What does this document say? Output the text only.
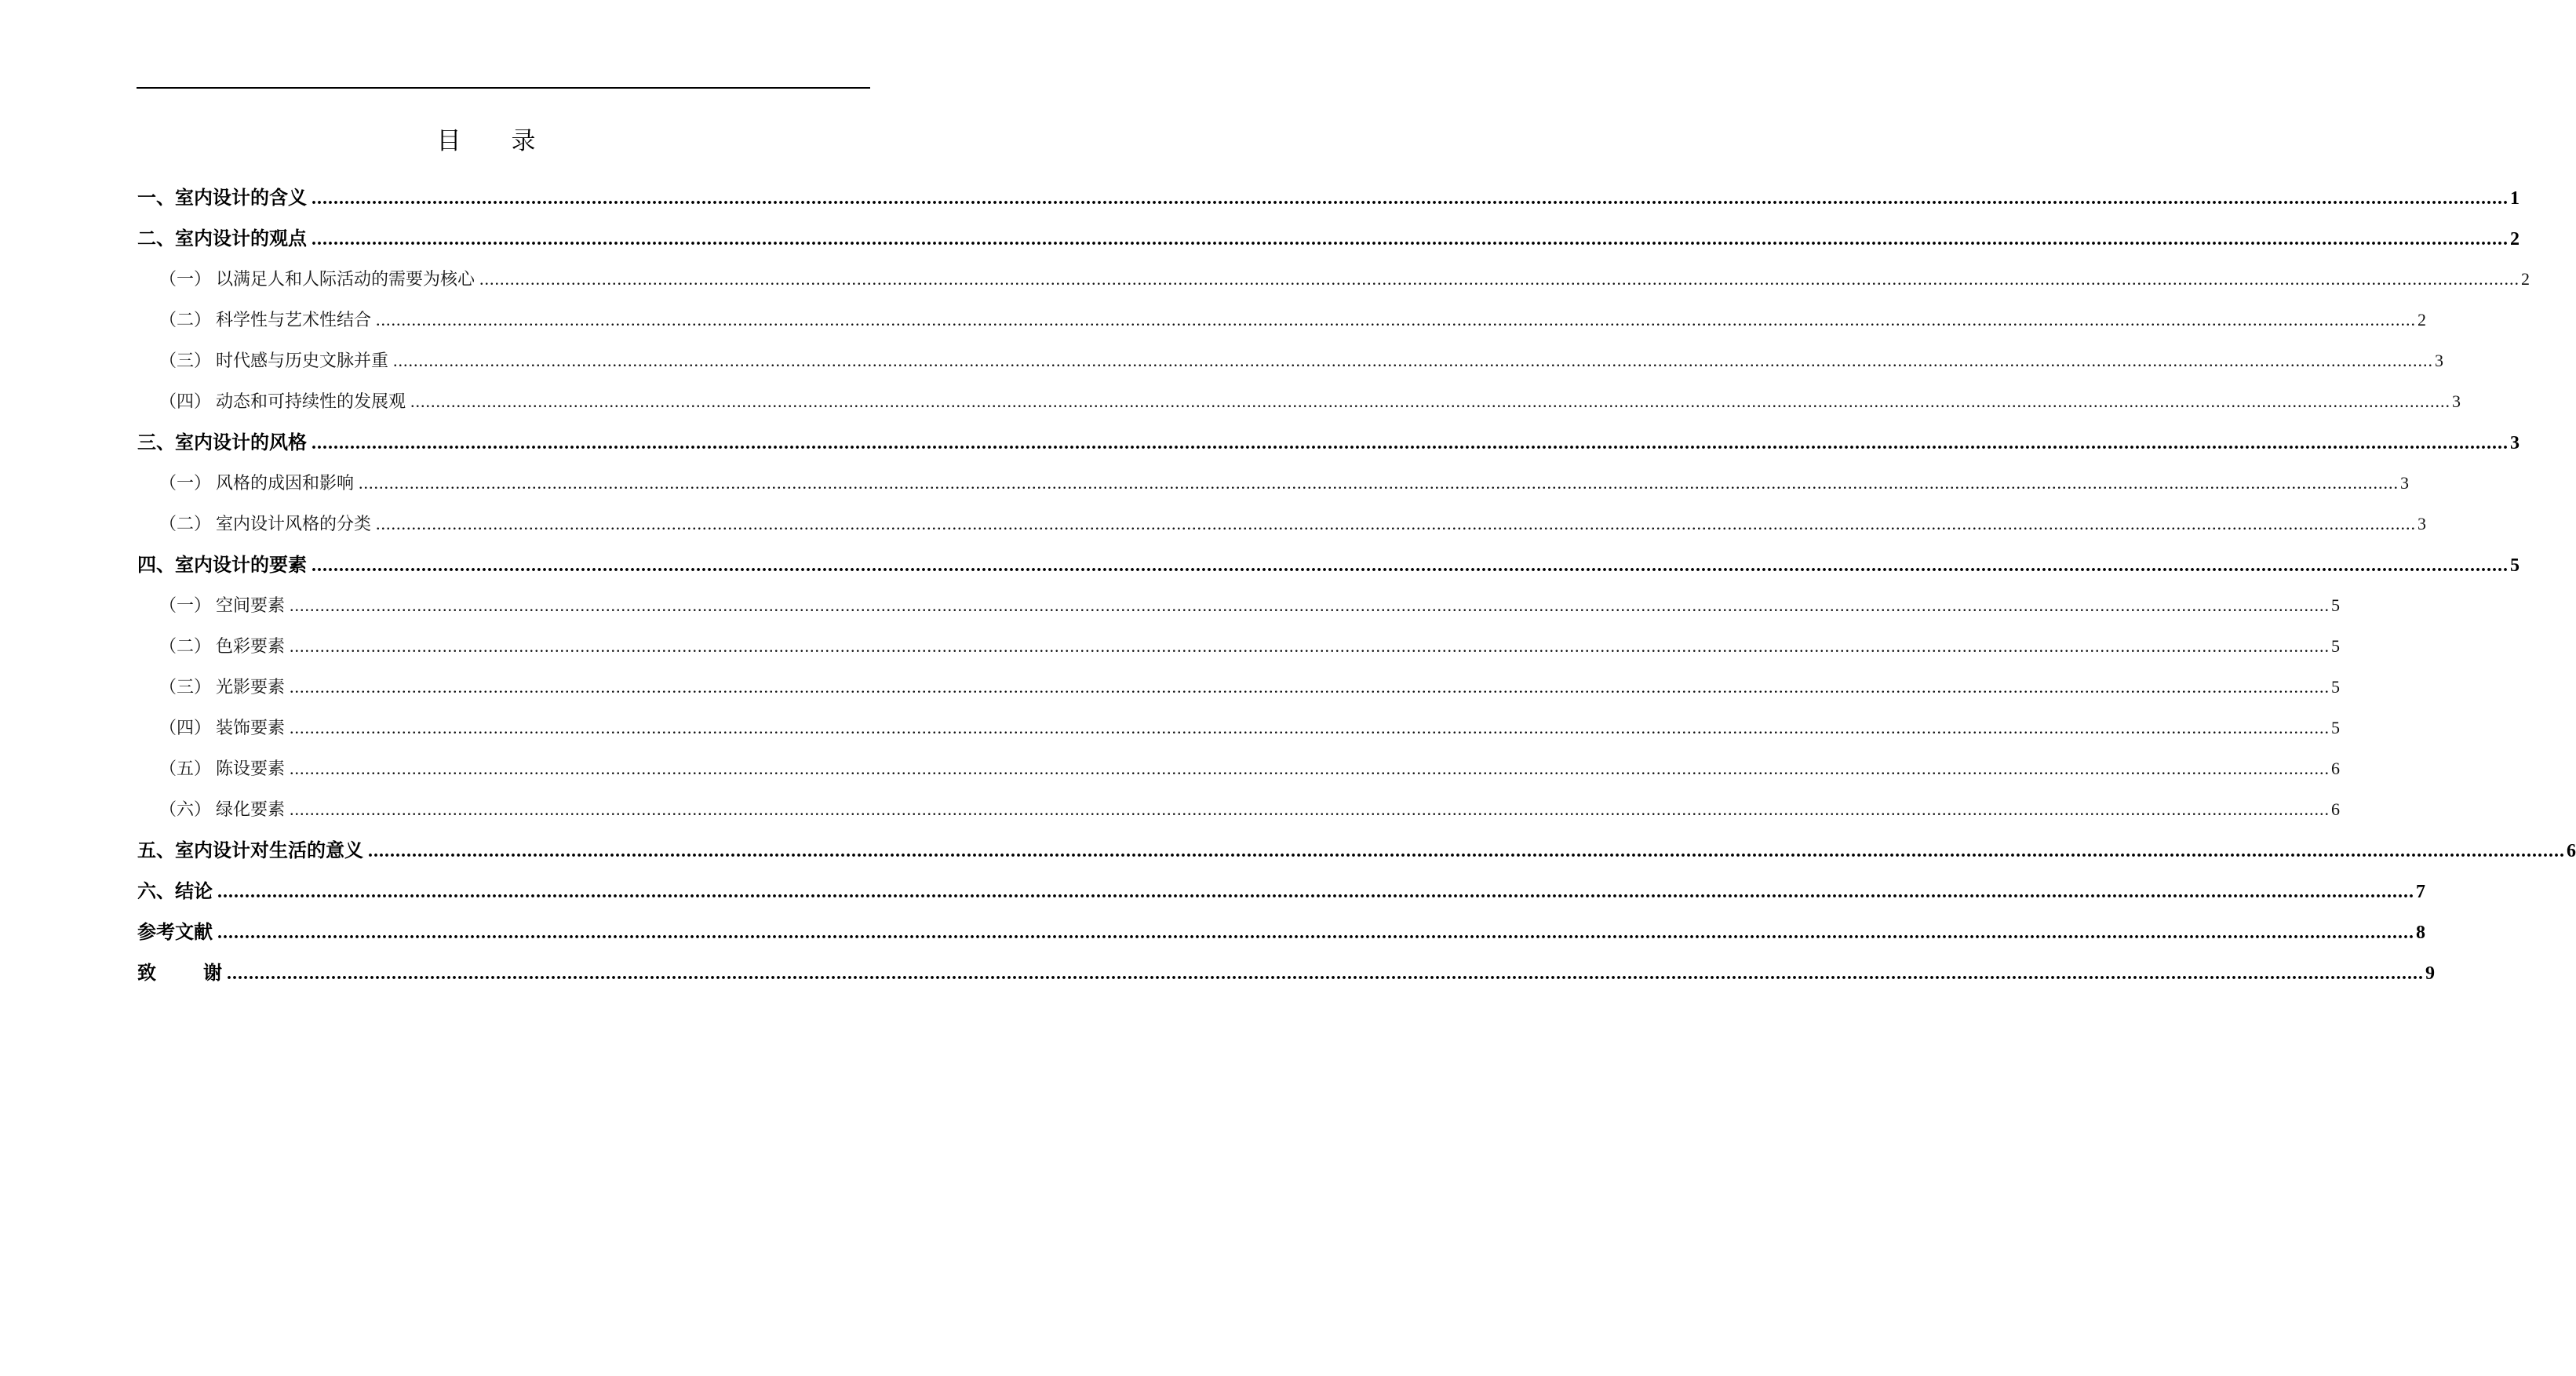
目 录
一、 室内设计的含义 ................................................................................................................................................................................................................................................................................................................................................................................................................ 1
二、 室内设计的观点 ................................................................................................................................................................................................................................................................................................................................................................................................................ 2
（一） 以满足人和人际活动的需要为核心 ................................................................................................................................................................................................................................................................................................................................................................................................................ 2
（二） 科学性与艺术性结合 ................................................................................................................................................................................................................................................................................................................................................................................................................ 2
（三） 时代感与历史文脉并重 ................................................................................................................................................................................................................................................................................................................................................................................................................ 3
（四） 动态和可持续性的发展观 ................................................................................................................................................................................................................................................................................................................................................................................................................ 3
三、 室内设计的风格 ................................................................................................................................................................................................................................................................................................................................................................................................................ 3
（一） 风格的成因和影响 ................................................................................................................................................................................................................................................................................................................................................................................................................ 3
（二） 室内设计风格的分类 ................................................................................................................................................................................................................................................................................................................................................................................................................ 3
四、 室内设计的要素 ................................................................................................................................................................................................................................................................................................................................................................................................................ 5
（一） 空间要素 ................................................................................................................................................................................................................................................................................................................................................................................................................ 5
（二） 色彩要素 ................................................................................................................................................................................................................................................................................................................................................................................................................ 5
（三） 光影要素 ................................................................................................................................................................................................................................................................................................................................................................................................................ 5
（四） 装饰要素 ................................................................................................................................................................................................................................................................................................................................................................................................................ 5
（五） 陈设要素 ................................................................................................................................................................................................................................................................................................................................................................................................................ 6
（六） 绿化要素 ................................................................................................................................................................................................................................................................................................................................................................................................................ 6
五、 室内设计对生活的意义 ................................................................................................................................................................................................................................................................................................................................................................................................................ 6
六、 结论 ................................................................................................................................................................................................................................................................................................................................................................................................................ 7
参考文献 ................................................................................................................................................................................................................................................................................................................................................................................................................ 8
致	谢 ................................................................................................................................................................................................................................................................................................................................................................................................................ 9
